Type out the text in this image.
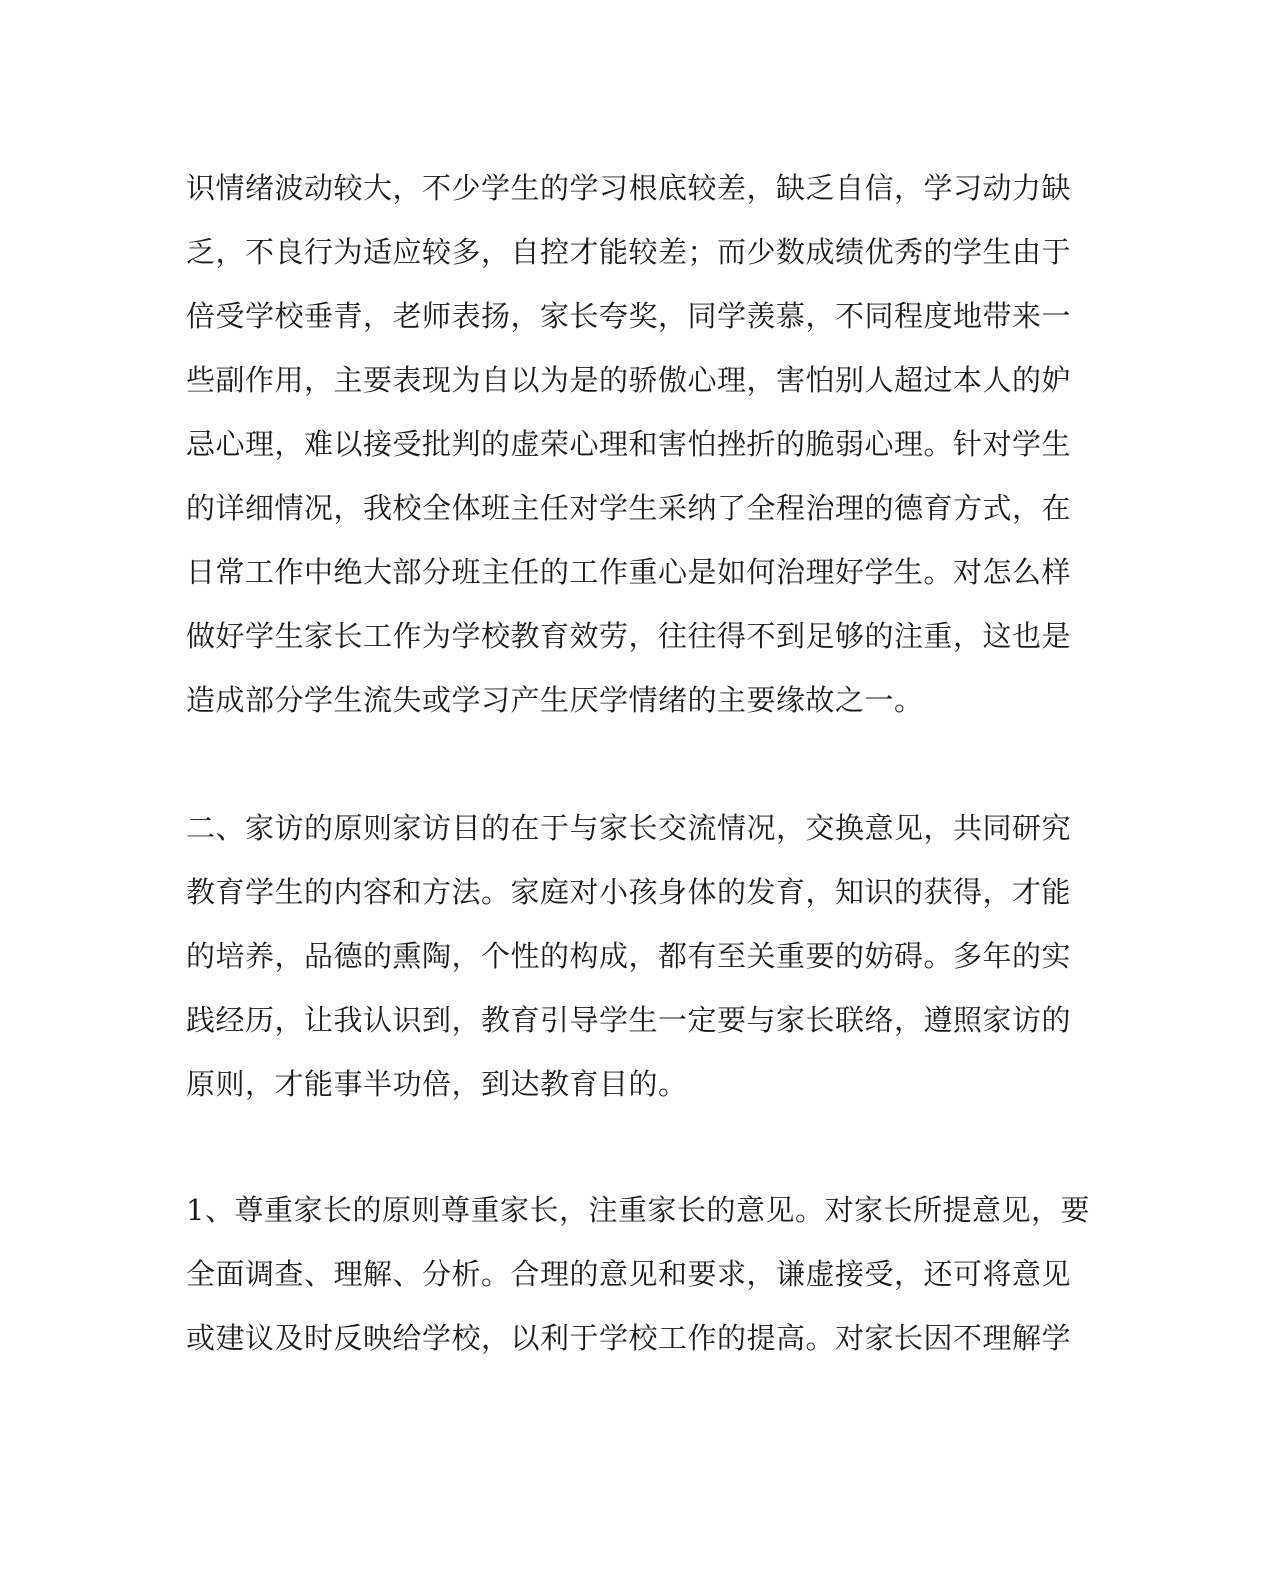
识情绪波动较大，不少学生的学习根底较差，缺乏自信，学习动力缺
乏，不良行为适应较多，自控才能较差；而少数成绩优秀的学生由于
倍受学校垂青，老师表扬，家长夸奖，同学羡慕，不同程度地带来一
些副作用，主要表现为自以为是的骄傲心理，害怕别人超过本人的妒
忌心理，难以接受批判的虚荣心理和害怕挫折的脆弱心理。针对学生
的详细情况，我校全体班主任对学生采纳了全程治理的德育方式，在
日常工作中绝大部分班主任的工作重心是如何治理好学生。对怎么样
做好学生家长工作为学校教育效劳，往往得不到足够的注重，这也是
造成部分学生流失或学习产生厌学情绪的主要缘故之一。
二、家访的原则家访目的在于与家长交流情况，交换意见，共同研究
教育学生的内容和方法。家庭对小孩身体的发育，知识的获得，才能
的培养，品德的熏陶，个性的构成，都有至关重要的妨碍。多年的实
践经历，让我认识到，教育引导学生一定要与家长联络，遵照家访的
原则，才能事半功倍，到达教育目的。
1、尊重家长的原则尊重家长，注重家长的意见。对家长所提意见，要
全面调查、理解、分析。合理的意见和要求，谦虚接受，还可将意见
或建议及时反映给学校，以利于学校工作的提高。对家长因不理解学
